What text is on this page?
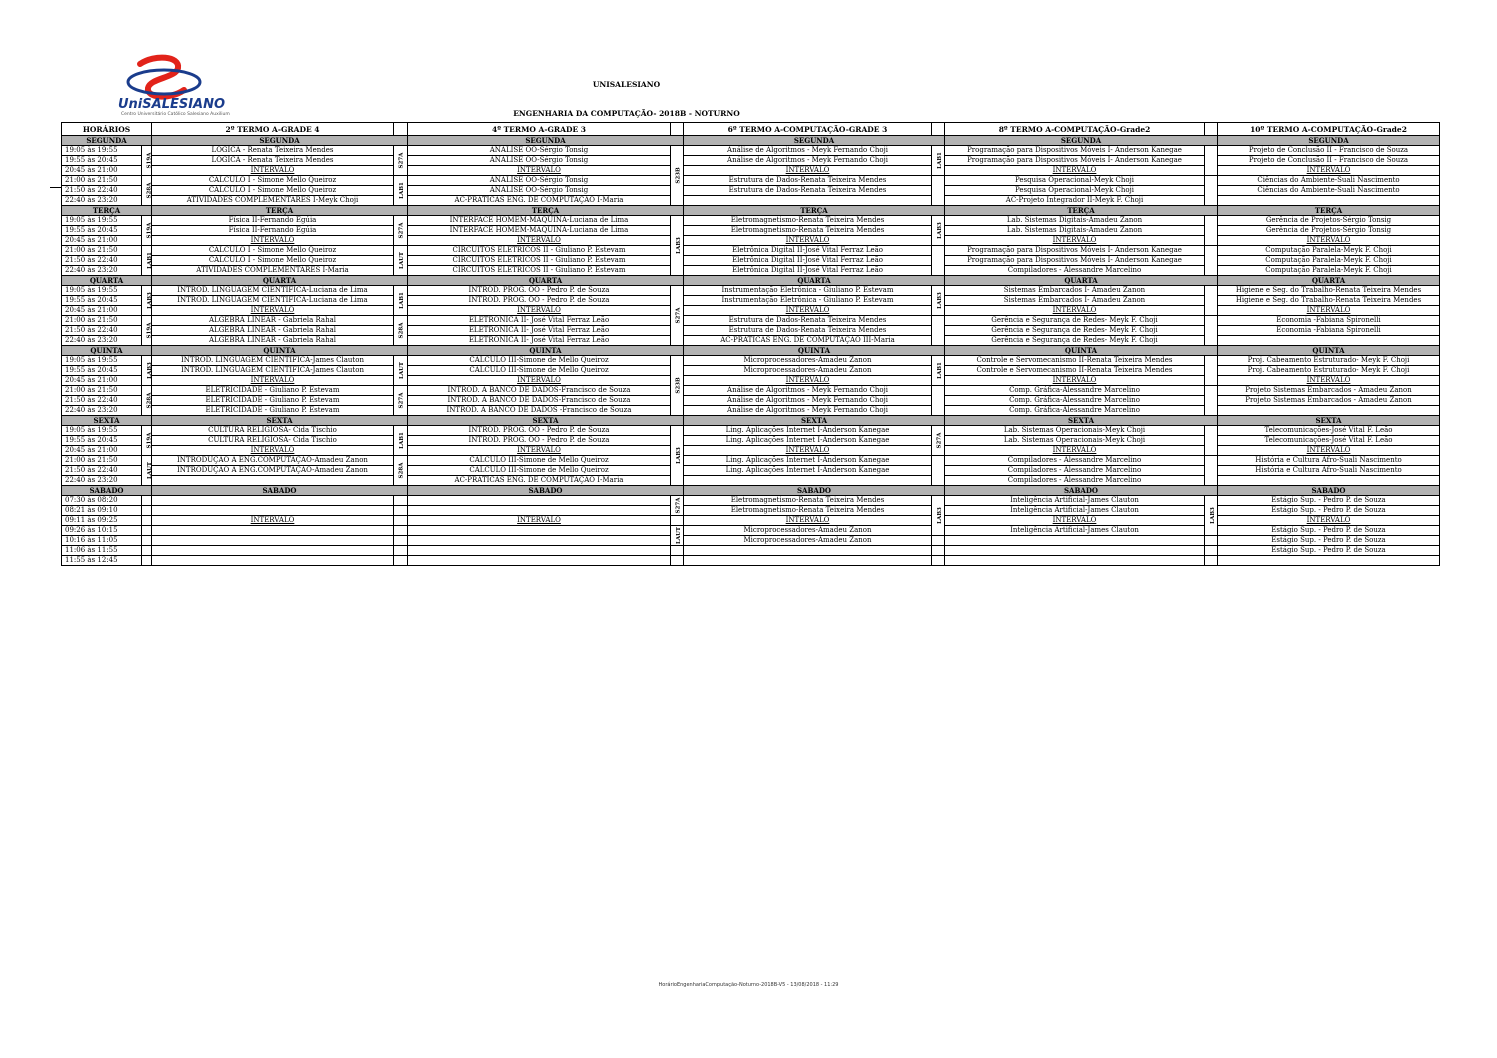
UniSALESIANO
Centro Universitário Católico Salesiano Auxilium
UNISALESIANO
ENGENHARIA DA COMPUTAÇÃO- 2018B - NOTURNO
HORÁRIOS		2º TERMO A-GRADE 4		4º TERMO A-GRADE 3		6º TERMO A-COMPUTAÇÃO-GRADE 3		8º TERMO A-COMPUTAÇÃO-Grade2		10º TERMO A-COMPUTAÇÃO-Grade2
SEGUNDA		SEGUNDA		SEGUNDA		SEGUNDA		SEGUNDA		SEGUNDA
19:05 às 19:55	S19A	LÓGICA - Renata Teixeira Mendes	S27A	ANÁLISE OO-Sérgio Tonsig	S23B	Análise de Algoritmos - Meyk Fernando Choji	LAB1	Programação para Dispositivos Móveis I- Anderson Kanegae		Projeto de Conclusão II - Francisco de Souza
19:55 às 20:45		LÓGICA - Renata Teixeira Mendes		ANÁLISE OO-Sérgio Tonsig		Análise de Algoritmos - Meyk Fernando Choji		Programação para Dispositivos Móveis I- Anderson Kanegae		Projeto de Conclusão II - Francisco de Souza
20:45 às 21:00		INTERVALO		INTERVALO		INTERVALO		INTERVALO		INTERVALO
21:00 às 21:50	S28A	CÁLCULO I - Simone Mello Queiroz	LAB1	ANÁLISE OO-Sérgio Tonsig		Estrutura de Dados-Renata Teixeira Mendes		Pesquisa Operacional-Meyk Choji		Ciências do Ambiente-Suali Nascimento
21:50 às 22:40		CÁLCULO I - Simone Mello Queiroz		ANÁLISE OO-Sérgio Tonsig		Estrutura de Dados-Renata Teixeira Mendes		Pesquisa Operacional-Meyk Choji		Ciências do Ambiente-Suali Nascimento
22:40 às 23:20		ATIVIDADES COMPLEMENTARES I-Meyk Choji		AC-PRÁTICAS ENG. DE COMPUTAÇÃO I-Maria				AC-Projeto Integrador II-Meyk F. Choji		
TERÇA		TERÇA		TERÇA		TERÇA		TERÇA		TERÇA
19:05 às 19:55	S19A	Física II-Fernando Egúia	S27A	INTERFACE HOMEM-MÁQUINA-Luciana de Lima	LAB3	Eletromagnetismo-Renata Teixeira Mendes	LAB3	Lab. Sistemas Digitais-Amadeu Zanon		Gerência de Projetos-Sérgio Tonsig
19:55 às 20:45		Física II-Fernando Egúia		INTERFACE HOMEM-MÁQUINA-Luciana de Lima		Eletromagnetismo-Renata Teixeira Mendes		Lab. Sistemas Digitais-Amadeu Zanon		Gerência de Projetos-Sérgio Tonsig
20:45 às 21:00		INTERVALO		INTERVALO		INTERVALO		INTERVALO		INTERVALO
21:00 às 21:50	LAB1	CÁLCULO I - Simone Mello Queiroz	LAUT	CIRCUITOS ELÉTRICOS II - Giuliano P. Estevam		Eletrônica Digital II-José Vital Ferraz Leão		Programação para Dispositivos Móveis I- Anderson Kanegae		Computação Paralela-Meyk F. Choji
21:50 às 22:40		CÁLCULO I - Simone Mello Queiroz		CIRCUITOS ELÉTRICOS II - Giuliano P. Estevam		Eletrônica Digital II-José Vital Ferraz Leão		Programação para Dispositivos Móveis I- Anderson Kanegae		Computação Paralela-Meyk F. Choji
22:40 às 23:20		ATIVIDADES COMPLEMENTARES I-Maria		CIRCUITOS ELÉTRICOS II - Giuliano P. Estevam		Eletrônica Digital II-José Vital Ferraz Leão		Compiladores - Alessandre Marcelino		Computação Paralela-Meyk F. Choji
QUARTA		QUARTA		QUARTA		QUARTA		QUARTA		QUARTA
19:05 às 19:55	LAB3	INTROD. LINGUAGEM CIENTÍFICA-Luciana de Lima	LAB1	INTROD. PROG. OO - Pedro P. de Souza	S27A	Instrumentação Eletrônica - Giuliano P. Estevam	LAB3	Sistemas Embarcados I- Amadeu Zanon		Higiene e Seg. do Trabalho-Renata Teixeira Mendes
19:55 às 20:45		INTROD. LINGUAGEM CIENTÍFICA-Luciana de Lima		INTROD. PROG. OO - Pedro P. de Souza		Instrumentação Eletrônica - Giuliano P. Estevam		Sistemas Embarcados I- Amadeu Zanon		Higiene e Seg. do Trabalho-Renata Teixeira Mendes
20:45 às 21:00		INTERVALO		INTERVALO		INTERVALO		INTERVALO		INTERVALO
21:00 às 21:50	S19A	ÁLGEBRA LINEAR - Gabriela Rahal	S28A	ELETRÔNICA II- José Vital Ferraz Leão		Estrutura de Dados-Renata Teixeira Mendes		Gerência e Segurança de Redes- Meyk F. Choji		Economia -Fabiana Spironelli
21:50 às 22:40		ÁLGEBRA LINEAR - Gabriela Rahal		ELETRÔNICA II- José Vital Ferraz Leão		Estrutura de Dados-Renata Teixeira Mendes		Gerência e Segurança de Redes- Meyk F. Choji		Economia -Fabiana Spironelli
22:40 às 23:20		ÁLGEBRA LINEAR - Gabriela Rahal		ELETRÔNICA II- José Vital Ferraz Leão		AC-PRÁTICAS ENG. DE COMPUTAÇÃO III-Maria		Gerência e Segurança de Redes- Meyk F. Choji		
QUINTA		QUINTA		QUINTA		QUINTA		QUINTA		QUINTA
19:05 às 19:55	LAB3	INTROD. LINGUAGEM CIENTÍFICA-James Clauton	LAUT	CÁLCULO III-Simone de Mello Queiroz	S23B	Microprocessadores-Amadeu Zanon	LAB1	Controle e Servomecanismo II-Renata Teixeira Mendes		Proj. Cabeamento Estruturado- Meyk F. Choji
19:55 às 20:45		INTROD. LINGUAGEM CIENTÍFICA-James Clauton		CÁLCULO III-Simone de Mello Queiroz		Microprocessadores-Amadeu Zanon		Controle e Servomecanismo II-Renata Teixeira Mendes		Proj. Cabeamento Estruturado- Meyk F. Choji
20:45 às 21:00		INTERVALO		INTERVALO		INTERVALO		INTERVALO		INTERVALO
21:00 às 21:50	S28A	ELETRICIDADE - Giuliano P. Estevam	S27A	INTROD. A BANCO DE DADOS-Francisco de Souza		Análise de Algoritmos - Meyk Fernando Choji		Comp. Gráfica-Alessandre Marcelino		Projeto Sistemas Embarcados - Amadeu Zanon
21:50 às 22:40		ELETRICIDADE - Giuliano P. Estevam		INTROD. A BANCO DE DADOS-Francisco de Souza		Análise de Algoritmos - Meyk Fernando Choji		Comp. Gráfica-Alessandre Marcelino		Projeto Sistemas Embarcados - Amadeu Zanon
22:40 às 23:20		ELETRICIDADE - Giuliano P. Estevam		INTROD. A BANCO DE DADOS -Francisco de Souza		Análise de Algoritmos - Meyk Fernando Choji		Comp. Gráfica-Alessandre Marcelino		
SEXTA		SEXTA		SEXTA		SEXTA		SEXTA		SEXTA
19:05 às 19:55	S19A	CULTURA RELIGIOSA- Cida Tischio	LAB1	INTROD. PROG. OO - Pedro P. de Souza	LAB3	Ling. Aplicações Internet I-Anderson Kanegae	S27A	Lab. Sistemas Operacionais-Meyk Choji		Telecomunicações-José Vital F. Leão
19:55 às 20:45		CULTURA RELIGIOSA- Cida Tischio		INTROD. PROG. OO - Pedro P. de Souza		Ling. Aplicações Internet I-Anderson Kanegae		Lab. Sistemas Operacionais-Meyk Choji		Telecomunicações-José Vital F. Leão
20:45 às 21:00		INTERVALO		INTERVALO		INTERVALO		INTERVALO		INTERVALO
21:00 às 21:50	LAUT	INTRODUÇÃO A ENG.COMPUTAÇÃO-Amadeu Zanon	S28A	CÁLCULO III-Simone de Mello Queiroz		Ling. Aplicações Internet I-Anderson Kanegae		Compiladores - Alessandre Marcelino		História e Cultura Afro-Suali Nascimento
21:50 às 22:40		INTRODUÇÃO A ENG.COMPUTAÇÃO-Amadeu Zanon		CÁLCULO III-Simone de Mello Queiroz		Ling. Aplicações Internet I-Anderson Kanegae		Compiladores - Alessandre Marcelino		História e Cultura Afro-Suali Nascimento
22:40 às 23:20				AC-PRÁTICAS ENG. DE COMPUTAÇÃO I-Maria				Compiladores - Alessandre Marcelino		
SABADO		SABADO		SABADO		SABADO		SABADO		SABADO
07:30 às 08:20					S27A	Eletromagnetismo-Renata Teixeira Mendes	LAB3	Inteligência Artificial-James Clauton	LAB3	Estágio Sup. - Pedro P. de Souza
08:21 às 09:10						Eletromagnetismo-Renata Teixeira Mendes		Inteligência Artificial-James Clauton		Estágio Sup. - Pedro P. de Souza
09:11 às 09:25		INTERVALO		INTERVALO		INTERVALO		INTERVALO		INTERVALO
09:26 às 10:15					LAUT	Microprocessadores-Amadeu Zanon		Inteligência Artificial-James Clauton		Estágio Sup. - Pedro P. de Souza
10:16 às 11:05						Microprocessadores-Amadeu Zanon				Estágio Sup. - Pedro P. de Souza
11:06 às 11:55										Estágio Sup. - Pedro P. de Souza
11:55 às 12:45										
HorárioEngenhariaComputação-Noturno-2018B-V5 - 13/08/2018 - 11:29
